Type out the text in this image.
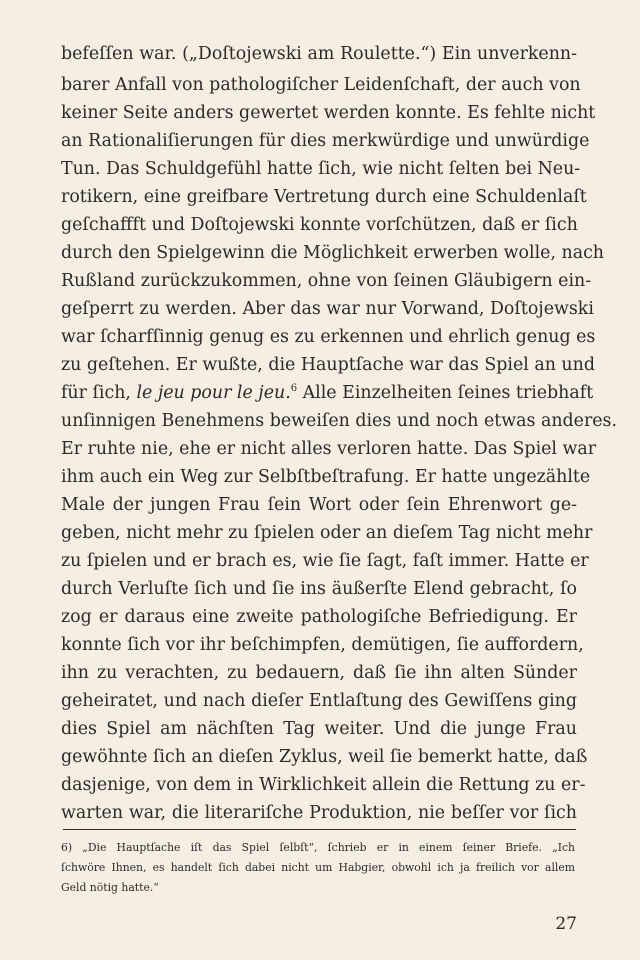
befeſſen war. („Doſtojewski am Roulette.“) Ein unverkenn-

barer Anfall von pathologiſcher Leidenſchaft, der auch von

keiner Seite anders gewertet werden konnte. Es fehlte nicht

an Rationaliſierungen für dies merkwürdige und unwürdige

Tun. Das Schuldgefühl hatte ſich, wie nicht ſelten bei Neu-

rotikern, eine greifbare Vertretung durch eine Schuldenlaſt

geſchaffft und Doſtojewski konnte vorſchützen, daß er ſich

durch den Spielgewinn die Möglichkeit erwerben wolle, nach

Rußland zurückzukommen, ohne von ſeinen Gläubigern ein-

geſperrt zu werden. Aber das war nur Vorwand, Doſtojewski

war ſcharfſinnig genug es zu erkennen und ehrlich genug es

zu geſtehen. Er wußte, die Hauptſache war das Spiel an und

für ſich, le jeu pour le jeu.$^6$ Alle Einzelheiten ſeines triebhaft

unſinnigen Benehmens beweiſen dies und noch etwas anderes.

Er ruhte nie, ehe er nicht alles verloren hatte. Das Spiel war

ihm auch ein Weg zur Selbſtbeſtrafung. Er hatte ungezählte

Male der jungen Frau ſein Wort oder ſein Ehrenwort ge-

geben, nicht mehr zu ſpielen oder an dieſem Tag nicht mehr

zu ſpielen und er brach es, wie ſie ſagt, faſt immer. Hatte er

durch Verluſte ſich und ſie ins äußerſte Elend gebracht, ſo

zog er daraus eine zweite pathologiſche Befriedigung. Er

konnte ſich vor ihr beſchimpfen, demütigen, ſie auffordern,

ihn zu verachten, zu bedauern, daß ſie ihn alten Sünder

geheiratet, und nach dieſer Entlaſtung des Gewiſſens ging

dies Spiel am nächſten Tag weiter. Und die junge Frau

gewöhnte ſich an dieſen Zyklus, weil ſie bemerkt hatte, daß

dasjenige, von dem in Wirklichkeit allein die Rettung zu er-

warten war, die literariſche Produktion, nie beſſer vor ſich

6) „Die Hauptſache iſt das Spiel ſelbſt“, ſchrieb er in einem ſeiner Briefe. „Ich

ſchwöre Ihnen, es handelt ſich dabei nicht um Habgier, obwohl ich ja freilich vor allem

Geld nötig hatte.“

27
